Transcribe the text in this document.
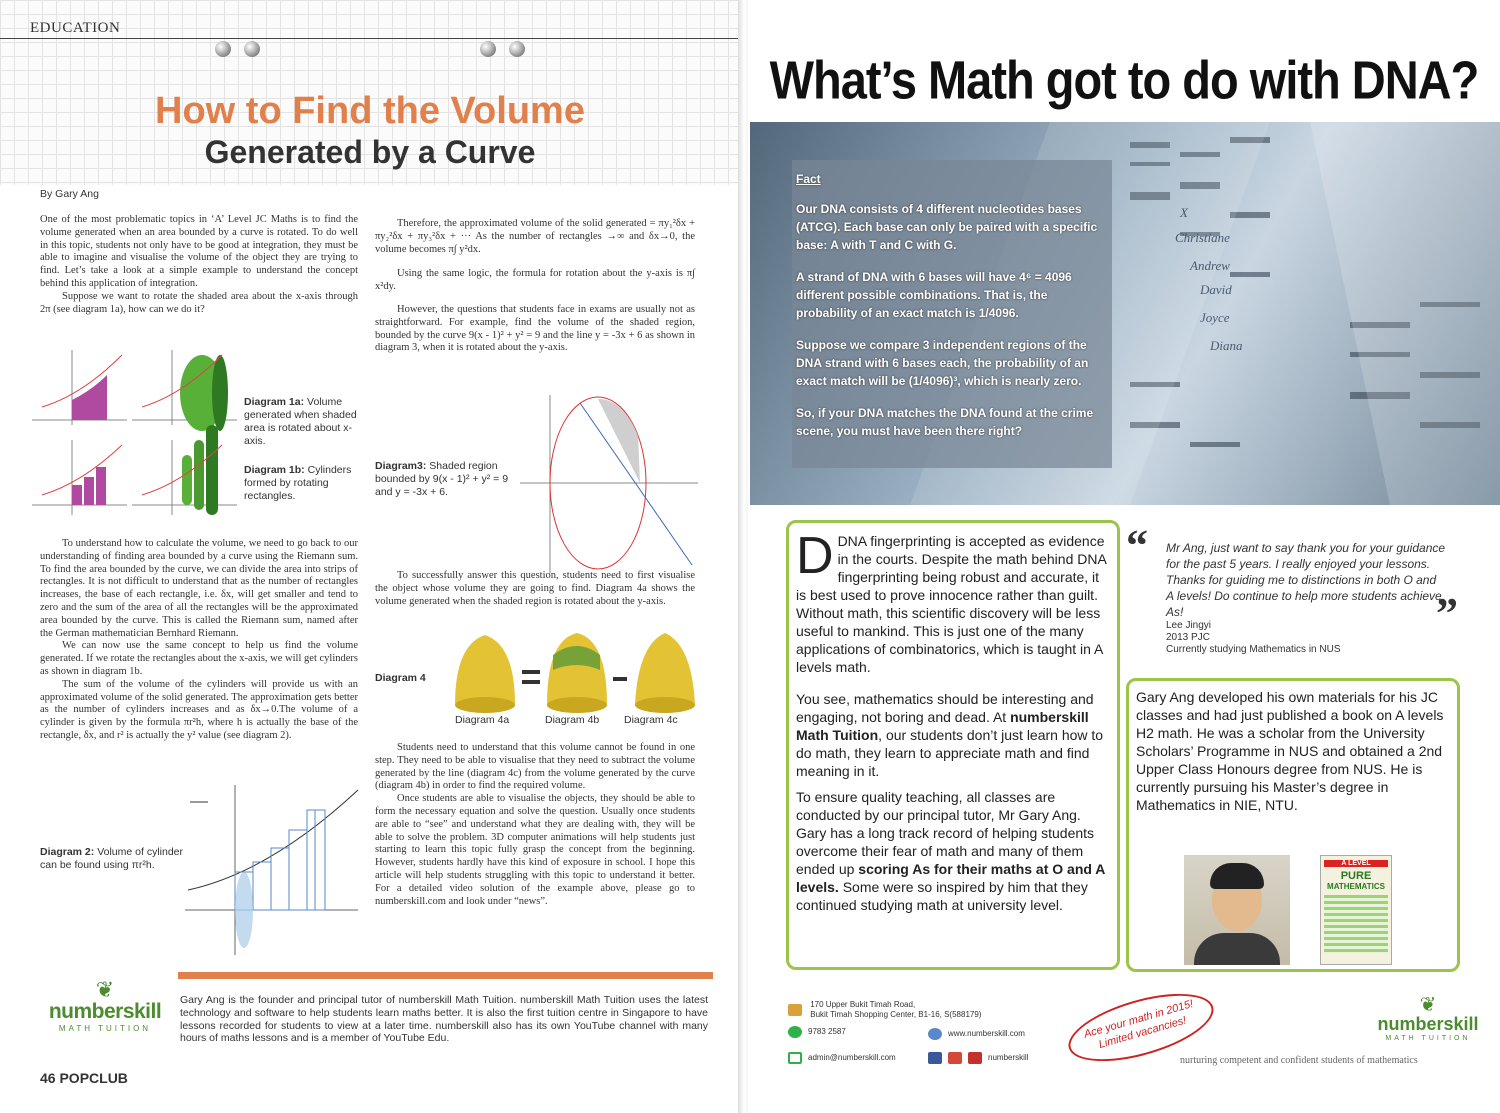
EDUCATION
How to Find the Volume
Generated by a Curve
By Gary Ang

One of the most problematic topics in ‘A’ Level JC Maths is to find the volume generated when an area bounded by a curve is rotated. To do well in this topic, students not only have to be good at integration, they must be able to imagine and visualise the volume of the object they are trying to find. Let’s take a look at a simple example to understand the concept behind this application of integration.

Suppose we want to rotate the shaded area about the x-axis through 2π (see diagram 1a), how can we do it?

Diagram 1a: Volume generated when shaded area is rotated about x-axis.
Diagram 1b: Cylinders formed by rotating rectangles.

To understand how to calculate the volume, we need to go back to our understanding of finding area bounded by a curve using the Riemann sum. To find the area bounded by the curve, we can divide the area into strips of rectangles. It is not difficult to understand that as the number of rectangles increases, the base of each rectangle, i.e. δx, will get smaller and tend to zero and the sum of the area of all the rectangles will be the approximated area bounded by the curve. This is called the Riemann sum, named after the German mathematician Bernhard Riemann.

We can now use the same concept to help us find the volume generated. If we rotate the rectangles about the x-axis, we will get cylinders as shown in diagram 1b.

The sum of the volume of the cylinders will provide us with an approximated volume of the solid generated. The approximation gets better as the number of cylinders increases and as δx→0.The volume of a cylinder is given by the formula πr²h, where h is actually the base of the rectangle, δx, and r² is actually the y² value (see diagram 2).

Diagram 2: Volume of cylinder can be found using πr²h.

Therefore, the approximated volume of the solid generated = πy₁²δx + πy₂²δx + πy₃²δx + ··· As the number of rectangles →∞ and δx→0, the volume becomes π∫ y²dx.

Using the same logic, the formula for rotation about the y-axis is π∫ x²dy.

However, the questions that students face in exams are usually not as straightforward. For example, find the volume of the shaded region, bounded by the curve 9(x - 1)² + y² = 9 and the line y = -3x + 6 as shown in diagram 3, when it is rotated about the y-axis.

Diagram3: Shaded region bounded by 9(x - 1)² + y² = 9 and y = -3x + 6.

To successfully answer this question, students need to first visualise the object whose volume they are going to find. Diagram 4a shows the volume generated when the shaded region is rotated about the y-axis.

Diagram 4
Diagram 4a	Diagram 4b Diagram 4c

Students need to understand that this volume cannot be found in one step. They need to be able to visualise that they need to subtract the volume generated by the line (diagram 4c) from the volume generated by the curve (diagram 4b) in order to find the required volume.

Once students are able to visualise the objects, they should be able to form the necessary equation and solve the question. Usually once students are able to “see” and understand what they are dealing with, they will be able to solve the problem. 3D computer animations will help students just starting to learn this topic fully grasp the concept from the beginning. However, students hardly have this kind of exposure in school. I hope this article will help students struggling with this topic to understand it better. For a detailed video solution of the example above, please go to numberskill.com and look under “news”.

❦
numberskill
MATH TUITION
Gary Ang is the founder and principal tutor of numberskill Math Tuition. numberskill Math Tuition uses the latest technology and software to help students learn maths better. It is also the first tuition centre in Singapore to have lessons recorded for students to view at a later time. numberskill also has its own YouTube channel with many hours of maths lessons and is a member of YouTube Edu.
46 POPCLUB
What’s Math got to do with DNA?
X
Christiane
Andrew
David
Joyce
Diana
Fact

Our DNA consists of 4 different nucleotides bases (ATCG). Each base can only be paired with a specific base: A with T and C with G.

A strand of DNA with 6 bases will have 4⁶ = 4096 different possible combinations. That is, the probability of an exact match is 1/4096.

Suppose we compare 3 independent regions of the DNA strand with 6 bases each, the probability of an exact match will be (1/4096)³, which is nearly zero.

So, if your DNA matches the DNA found at the crime scene, you must have been there right?

DDNA fingerprinting is accepted as evidence in the courts. Despite the math behind DNA fingerprinting being robust and accurate, it is best used to prove innocence rather than guilt. Without math, this scientific discovery will be less useful to mankind. This is just one of the many applications of combinatorics, which is taught in A levels math.

You see, mathematics should be interesting and engaging, not boring and dead. At numberskill Math Tuition, our students don’t just learn how to do math, they learn to appreciate math and find meaning in it.

To ensure quality teaching, all classes are conducted by our principal tutor, Mr Gary Ang. Gary has a long track record of helping students overcome their fear of math and many of them ended up scoring As for their maths at O and A levels. Some were so inspired by him that they continued studying math at university level.

“ Mr Ang, just want to say thank you for your guidance for the past 5 years. I really enjoyed your lessons. Thanks for guiding me to distinctions in both O and A levels! Do continue to help more students achieve As!	”
Lee Jingyi
2013 PJC
Currently studying Mathematics in NUS
Gary Ang developed his own materials for his JC classes and had just published a book on A levels H2 math. He was a scholar from the University Scholars’ Programme in NUS and obtained a 2nd Upper Class Honours degree from NUS. He is currently pursuing his Master’s degree in Mathematics in NIE, NTU.
A LEVEL
PURE
MATHEMATICS
170 Upper Bukit Timah Road,
Bukit Timah Shopping Center, B1-16, S(588179)
9783 2587	www.numberskill.com
admin@numberskill.com	numberskill
Ace your math in 2015! Limited vacancies!
❦
numberskill
MATH TUITION
nurturing competent and confident students of mathematics
